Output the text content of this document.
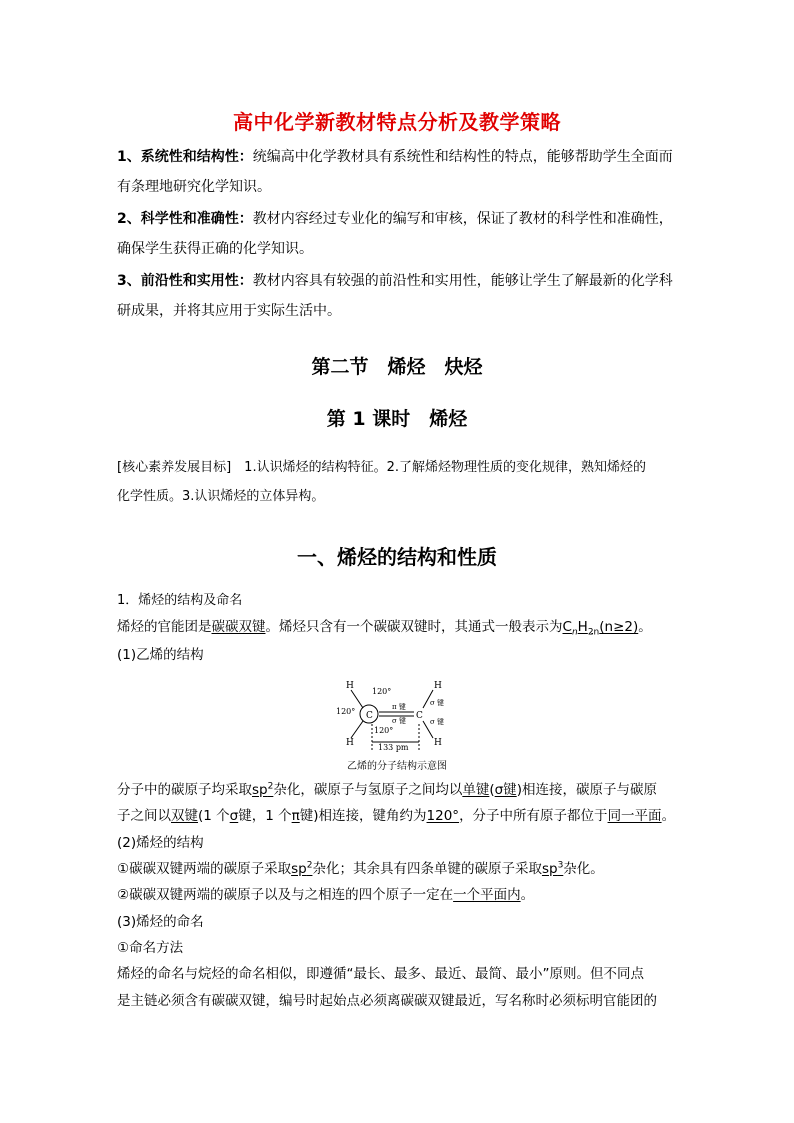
高中化学新教材特点分析及教学策略
1、系统性和结构性：统编高中化学教材具有系统性和结构性的特点，能够帮助学生全面而
有条理地研究化学知识。
2、科学性和准确性：教材内容经过专业化的编写和审核，保证了教材的科学性和准确性，
确保学生获得正确的化学知识。
3、前沿性和实用性：教材内容具有较强的前沿性和实用性，能够让学生了解最新的化学科
研成果，并将其应用于实际生活中。
第二节　烯烃　炔烃
第 1 课时　烯烃
[核心素养发展目标]　 1.认识烯烃的结构特征。2.了解烯烃物理性质的变化规律，熟知烯烃的
化学性质。3.认识烯烃的立体异构。
一、烯烃的结构和性质
1．烯烃的结构及命名
烯烃的官能团是碳碳双键。烯烃只含有一个碳碳双键时，其通式一般表示为$C_nH_{2n}(n\ge 2)$。
(1)乙烯的结构
H
H
H
H
C	C
120°
120°
120°
π 键
σ 键
σ 键
σ 键
133 pm
乙烯的分子结构示意图
分子中的碳原子均采取$sp^2$杂化，碳原子与氢原子之间均以单键(σ键)相连接，碳原子与碳原
子之间以双键(1 个σ键，1 个π键)相连接，键角约为120°，分子中所有原子都位于同一平面。
(2)烯烃的结构
①碳碳双键两端的碳原子采取$sp^2$杂化；其余具有四条单键的碳原子采取$sp^3$杂化。
②碳碳双键两端的碳原子以及与之相连的四个原子一定在一个平面内。
(3)烯烃的命名
①命名方法
烯烃的命名与烷烃的命名相似，即遵循“最长、最多、最近、最简、最小”原则。但不同点
是主链必须含有碳碳双键，编号时起始点必须离碳碳双键最近，写名称时必须标明官能团的
